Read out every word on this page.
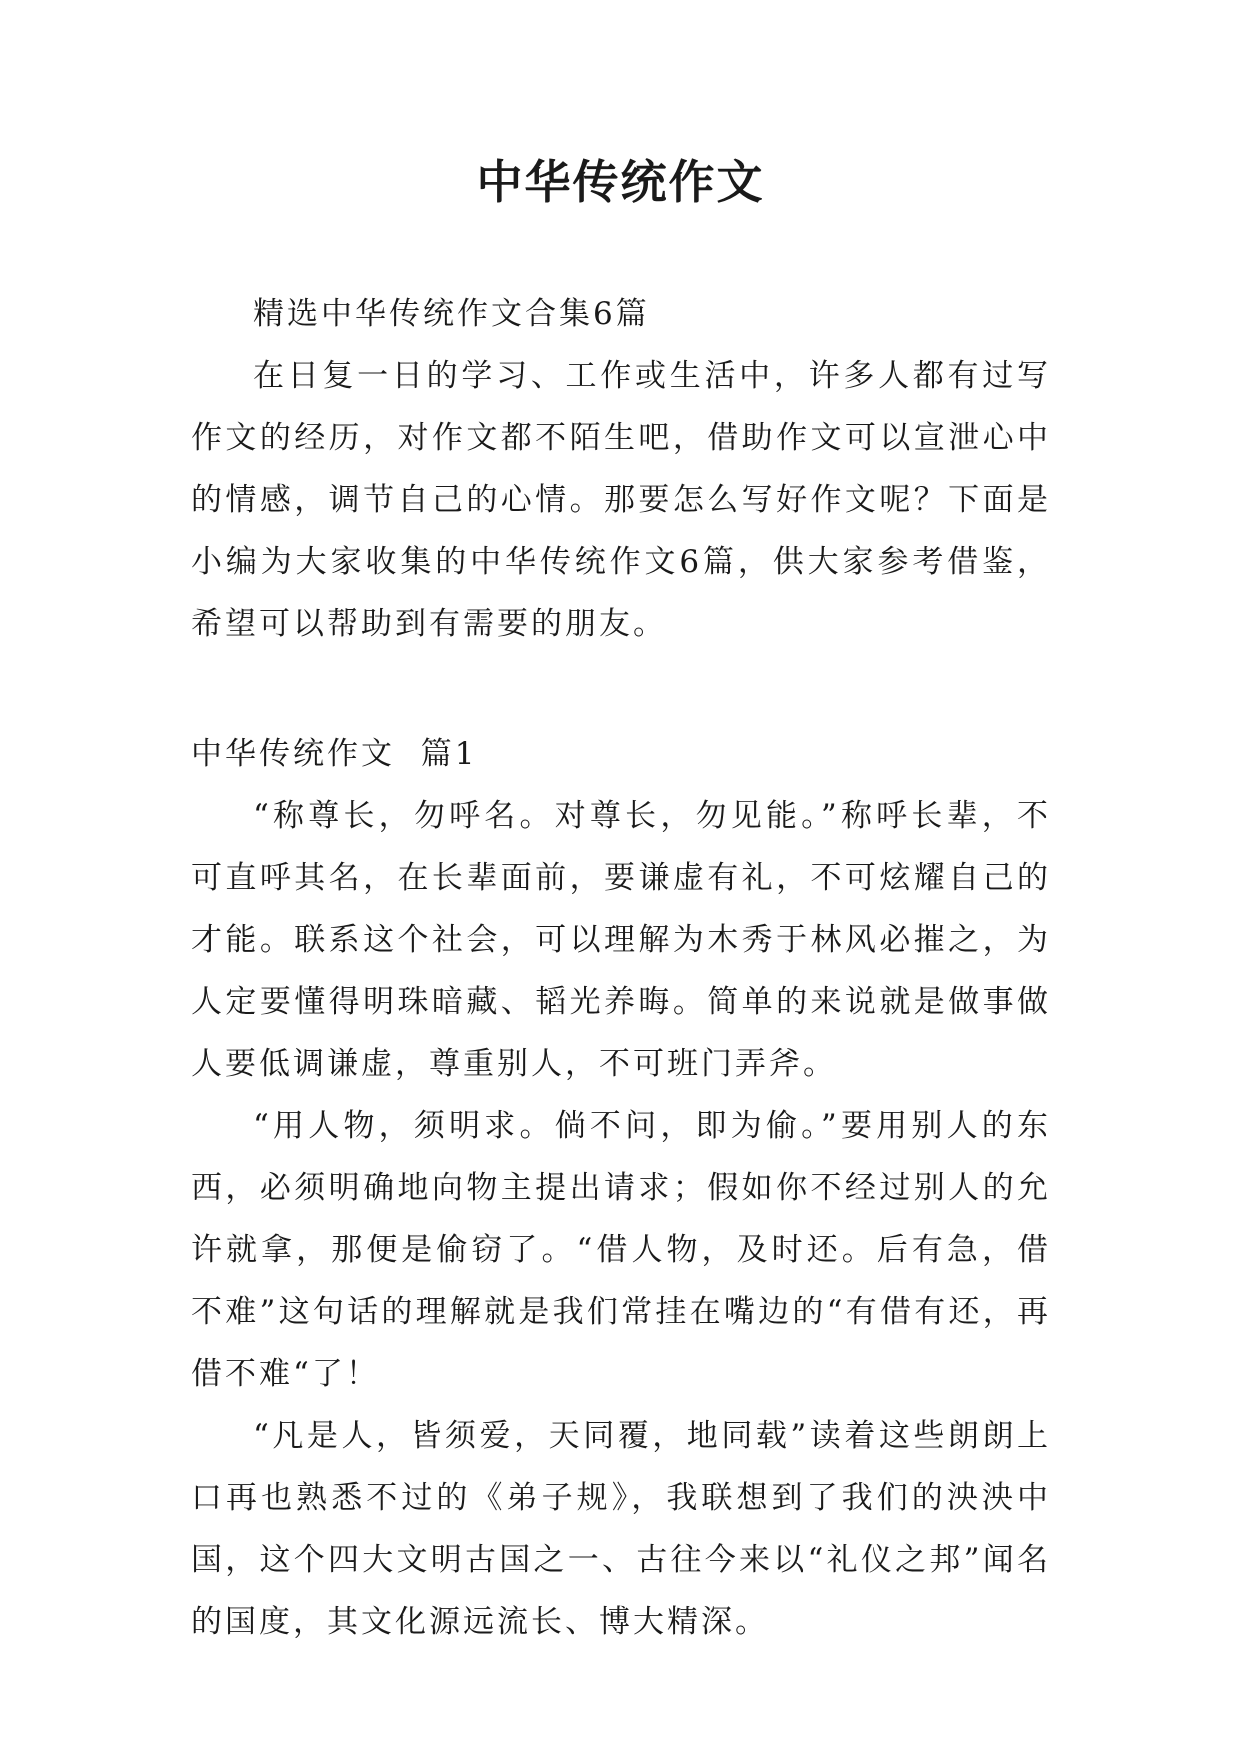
中华传统作文

精选中华传统作文合集6篇

在日复一日的学习、工作或生活中，许多人都有过写作文的经历，对作文都不陌生吧，借助作文可以宣泄心中的情感，调节自己的心情。那要怎么写好作文呢？下面是小编为大家收集的中华传统作文6篇，供大家参考借鉴，希望可以帮助到有需要的朋友。

中华传统作文  篇1

“称尊长，勿呼名。对尊长，勿见能。”称呼长辈，不可直呼其名，在长辈面前，要谦虚有礼，不可炫耀自己的才能。联系这个社会，可以理解为木秀于林风必摧之，为人定要懂得明珠暗藏、韬光养晦。简单的来说就是做事做人要低调谦虚，尊重别人，不可班门弄斧。

“用人物，须明求。倘不问，即为偷。”要用别人的东西，必须明确地向物主提出请求；假如你不经过别人的允许就拿，那便是偷窃了。“借人物，及时还。后有急，借不难”这句话的理解就是我们常挂在嘴边的“有借有还，再借不难“了！

“凡是人，皆须爱，天同覆，地同载”读着这些朗朗上口再也熟悉不过的《弟子规》，我联想到了我们的泱泱中国，这个四大文明古国之一、古往今来以“礼仪之邦”闻名的国度，其文化源远流长、博大精深。
